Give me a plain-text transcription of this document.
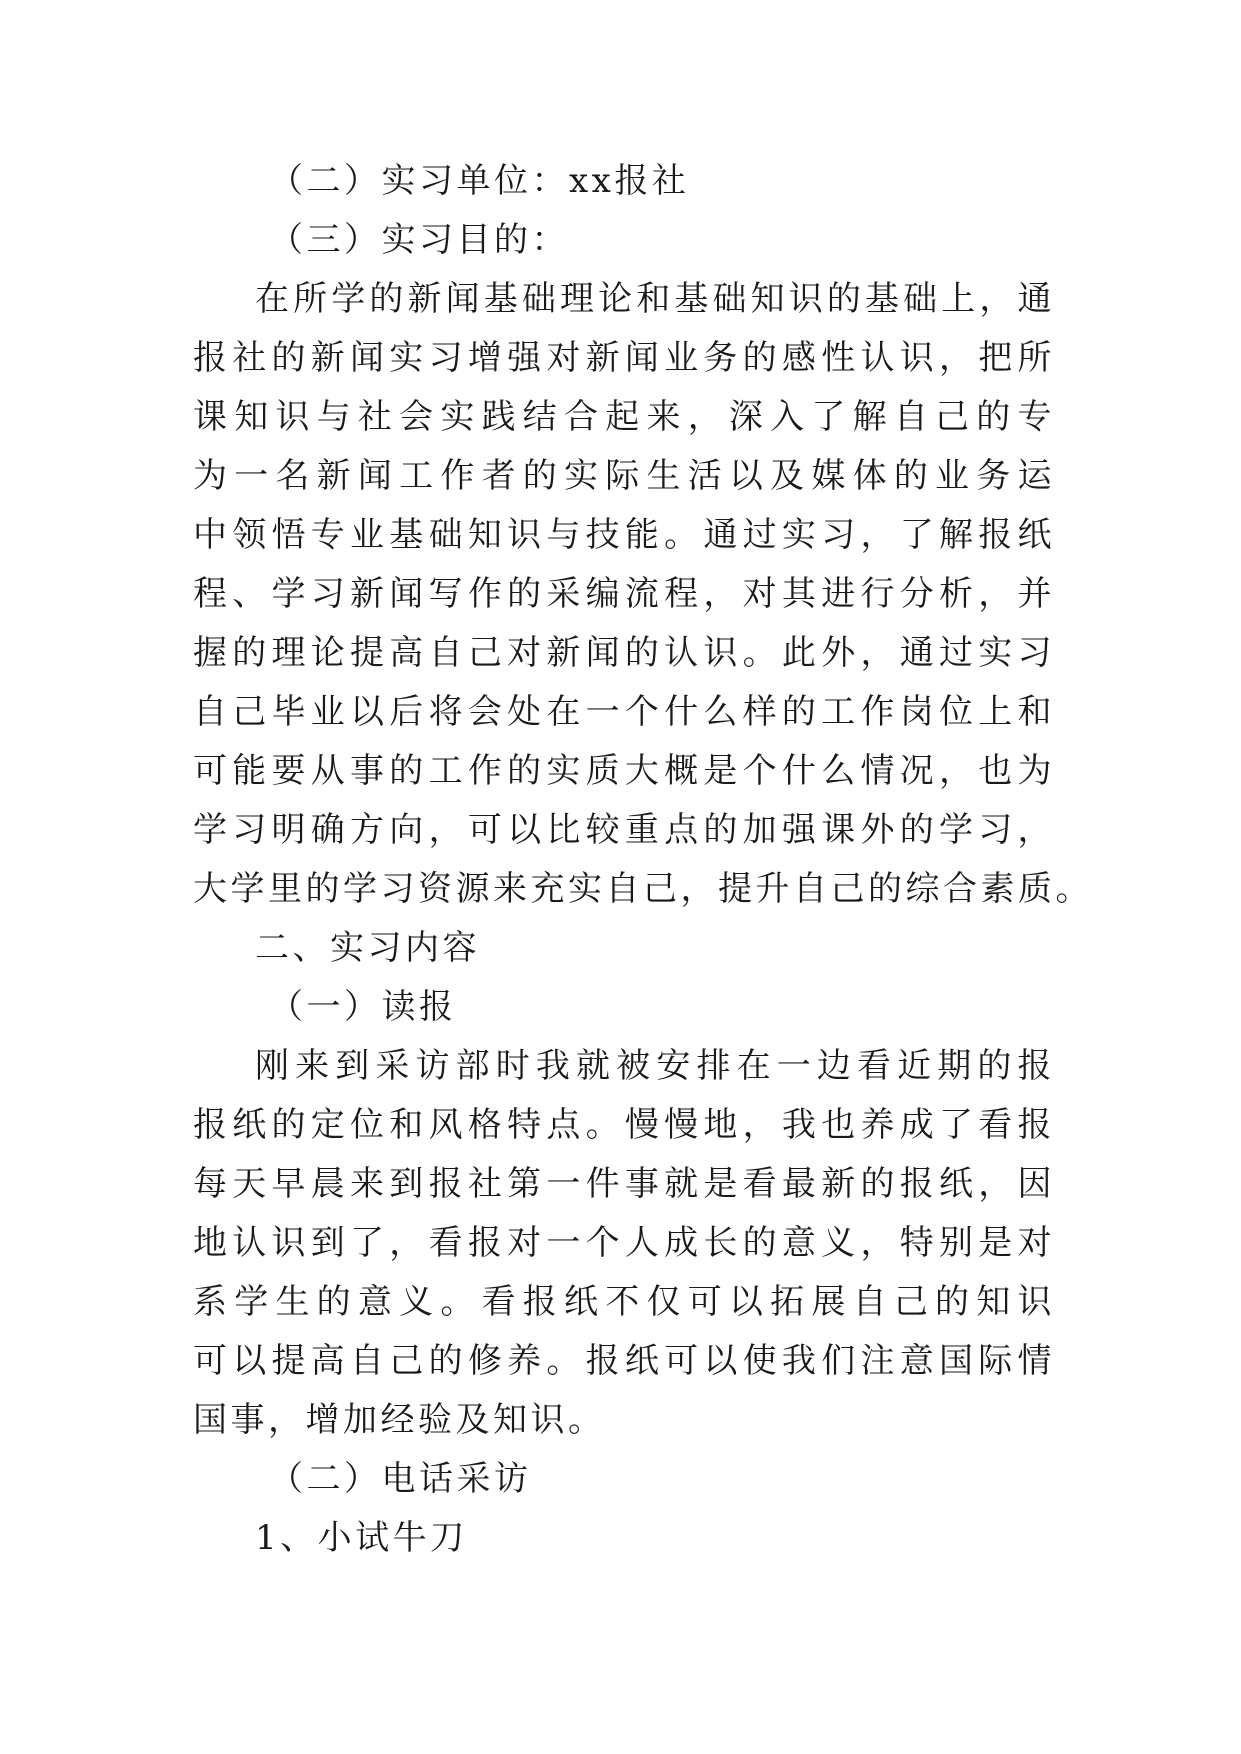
（二）实习单位：xx报社
（三）实习目的：
在所学的新闻基础理论和基础知识的基础上，通
报社的新闻实习增强对新闻业务的感性认识，把所
课知识与社会实践结合起来，深入了解自己的专
为一名新闻工作者的实际生活以及媒体的业务运
中领悟专业基础知识与技能。通过实习，了解报纸
程、学习新闻写作的采编流程，对其进行分析，并
握的理论提高自己对新闻的认识。此外，通过实习
自己毕业以后将会处在一个什么样的工作岗位上和
可能要从事的工作的实质大概是个什么情况，也为
学习明确方向，可以比较重点的加强课外的学习，
大学里的学习资源来充实自己，提升自己的综合素质。
二、实习内容
（一）读报
刚来到采访部时我就被安排在一边看近期的报
报纸的定位和风格特点。慢慢地，我也养成了看报
每天早晨来到报社第一件事就是看最新的报纸，因
地认识到了，看报对一个人成长的意义，特别是对
系学生的意义。看报纸不仅可以拓展自己的知识
可以提高自己的修养。报纸可以使我们注意国际情
国事，增加经验及知识。
（二）电话采访
1、小试牛刀
